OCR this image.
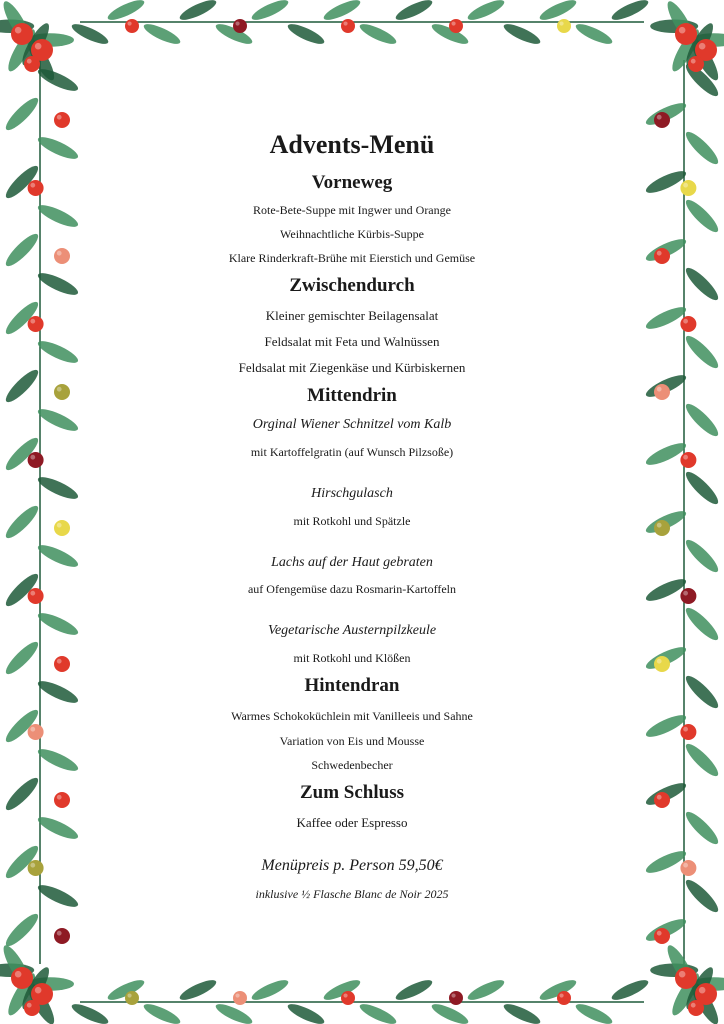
Advents-Menü
Vorneweg
Rote-Bete-Suppe mit Ingwer und Orange
Weihnachtliche Kürbis-Suppe
Klare Rinderkraft-Brühe mit Eierstich und Gemüse
Zwischendurch
Kleiner gemischter Beilagensalat
Feldsalat mit Feta und Walnüssen
Feldsalat mit Ziegenkäse und Kürbiskernen
Mittendrin
Orginal Wiener Schnitzel vom Kalb
mit Kartoffelgratin (auf Wunsch Pilzsoße)
Hirschgulasch
mit Rotkohl und Spätzle
Lachs auf der Haut gebraten
auf Ofengemüse dazu Rosmarin-Kartoffeln
Vegetarische Austernpilzkeule
mit Rotkohl und Klößen
Hintendran
Warmes Schokoküchlein mit Vanilleeis und Sahne
Variation von Eis und Mousse
Schwedenbecher
Zum Schluss
Kaffee oder Espresso
Menüpreis p. Person 59,50€
inklusive ½ Flasche Blanc de Noir 2025
